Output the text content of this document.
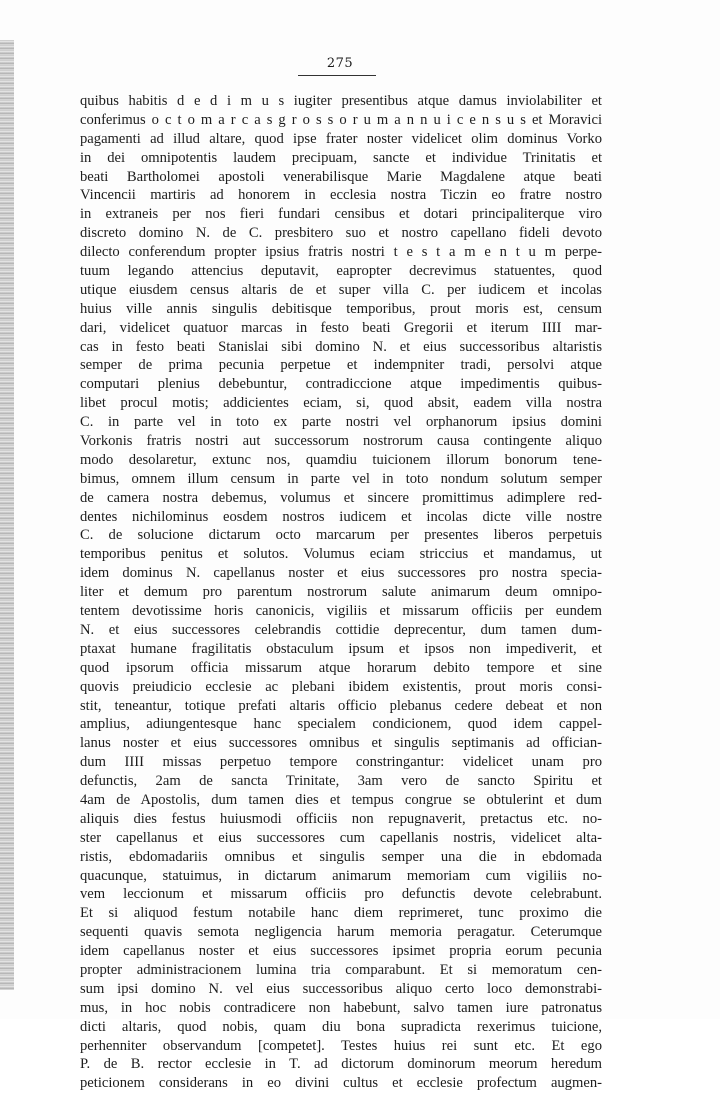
275
quibus habitis d e d i m u s iugiter presentibus atque damus inviolabiliter et
conferimus o c t o m a r c a s g r o s s o r u m a n n u i c e n s u s et Moravici
pagamenti ad illud altare, quod ipse frater noster videlicet olim dominus Vorko
in dei omnipotentis laudem precipuam, sancte et individue Trinitatis et
beati Bartholomei apostoli venerabilisque Marie Magdalene atque beati
Vincencii martiris ad honorem in ecclesia nostra Ticzin eo fratre nostro
in extraneis per nos fieri fundari censibus et dotari principaliterque viro
discreto domino N. de C. presbitero suo et nostro capellano fideli devoto
dilecto conferendum propter ipsius fratris nostri t e s t a m e n t u m perpe-
tuum legando attencius deputavit, eapropter decrevimus statuentes, quod
utique eiusdem census altaris de et super villa C. per iudicem et incolas
huius ville annis singulis debitisque temporibus, prout moris est, censum
dari, videlicet quatuor marcas in festo beati Gregorii et iterum IIII mar-
cas in festo beati Stanislai sibi domino N. et eius successoribus altaristis
semper de prima pecunia perpetue et indempniter tradi, persolvi atque
computari plenius debebuntur, contradiccione atque impedimentis quibus-
libet procul motis; addicientes eciam, si, quod absit, eadem villa nostra
C. in parte vel in toto ex parte nostri vel orphanorum ipsius domini
Vorkonis fratris nostri aut successorum nostrorum causa contingente aliquo
modo desolaretur, extunc nos, quamdiu tuicionem illorum bonorum tene-
bimus, omnem illum censum in parte vel in toto nondum solutum semper
de camera nostra debemus, volumus et sincere promittimus adimplere red-
dentes nichilominus eosdem nostros iudicem et incolas dicte ville nostre
C. de solucione dictarum octo marcarum per presentes liberos perpetuis
temporibus penitus et solutos. Volumus eciam striccius et mandamus, ut
idem dominus N. capellanus noster et eius successores pro nostra specia-
liter et demum pro parentum nostrorum salute animarum deum omnipo-
tentem devotissime horis canonicis, vigiliis et missarum officiis per eundem
N. et eius successores celebrandis cottidie deprecentur, dum tamen dum-
ptaxat humane fragilitatis obstaculum ipsum et ipsos non impediverit, et
quod ipsorum officia missarum atque horarum debito tempore et sine
quovis preiudicio ecclesie ac plebani ibidem existentis, prout moris consi-
stit, teneantur, totique prefati altaris officio plebanus cedere debeat et non
amplius, adiungentesque hanc specialem condicionem, quod idem cappel-
lanus noster et eius successores omnibus et singulis septimanis ad offician-
dum IIII missas perpetuo tempore constringantur: videlicet unam pro
defunctis, 2am de sancta Trinitate, 3am vero de sancto Spiritu et
4am de Apostolis, dum tamen dies et tempus congrue se obtulerint et dum
aliquis dies festus huiusmodi officiis non repugnaverit, pretactus etc. no-
ster capellanus et eius successores cum capellanis nostris, videlicet alta-
ristis, ebdomadariis omnibus et singulis semper una die in ebdomada
quacunque, statuimus, in dictarum animarum memoriam cum vigiliis no-
vem leccionum et missarum officiis pro defunctis devote celebrabunt.
Et si aliquod festum notabile hanc diem reprimeret, tunc proximo die
sequenti quavis semota negligencia harum memoria peragatur. Ceterumque
idem capellanus noster et eius successores ipsimet propria eorum pecunia
propter administracionem lumina tria comparabunt. Et si memoratum cen-
sum ipsi domino N. vel eius successoribus aliquo certo loco demonstrabi-
mus, in hoc nobis contradicere non habebunt, salvo tamen iure patronatus
dicti altaris, quod nobis, quam diu bona supradicta rexerimus tuicione,
perhenniter observandum [competet]. Testes huius rei sunt etc. Et ego
P. de B. rector ecclesie in T. ad dictorum dominorum meorum heredum
peticionem considerans in eo divini cultus et ecclesie profectum augmen-
